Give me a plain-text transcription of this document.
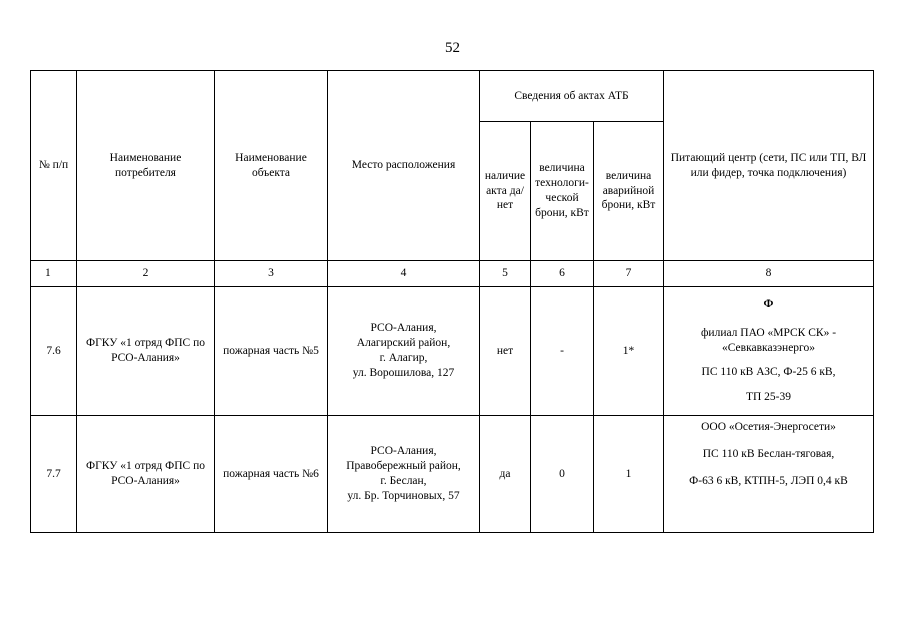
52
№ п/п	Наименование потребителя	Наименование объекта	Место расположения	Сведения об актах АТБ			Питающий центр (сети, ПС или ТП, ВЛ или фидер, точка подключения)
				наличие акта да/нет	величина технологи- ческой брони, кВт	величина аварийной брони, кВт	
1	2	3	4	5	6	7	8
7.6	ФГКУ «1 отряд ФПС по РСО-Алания»	пожарная часть №5	РСО-Алания,
Алагирский район,
г. Алагир,
ул. Ворошилова, 127	нет	-	1*	Ф
филиал ПАО «МРСК СК» -
«Севкавказэнерго»
ПС 110 кВ АЗС, Ф-25 6 кВ,
ТП 25-39

7.7	ФГКУ «1 отряд ФПС по РСО-Алания»	пожарная часть №6	РСО-Алания,
Правобережный район,
г. Беслан,
ул. Бр. Торчиновых, 57	да	0	1	ООО «Осетия-Энергосети»
ПС 110 кВ Беслан-тяговая,
Ф-63 6 кВ, КТПН-5, ЛЭП 0,4 кВ
